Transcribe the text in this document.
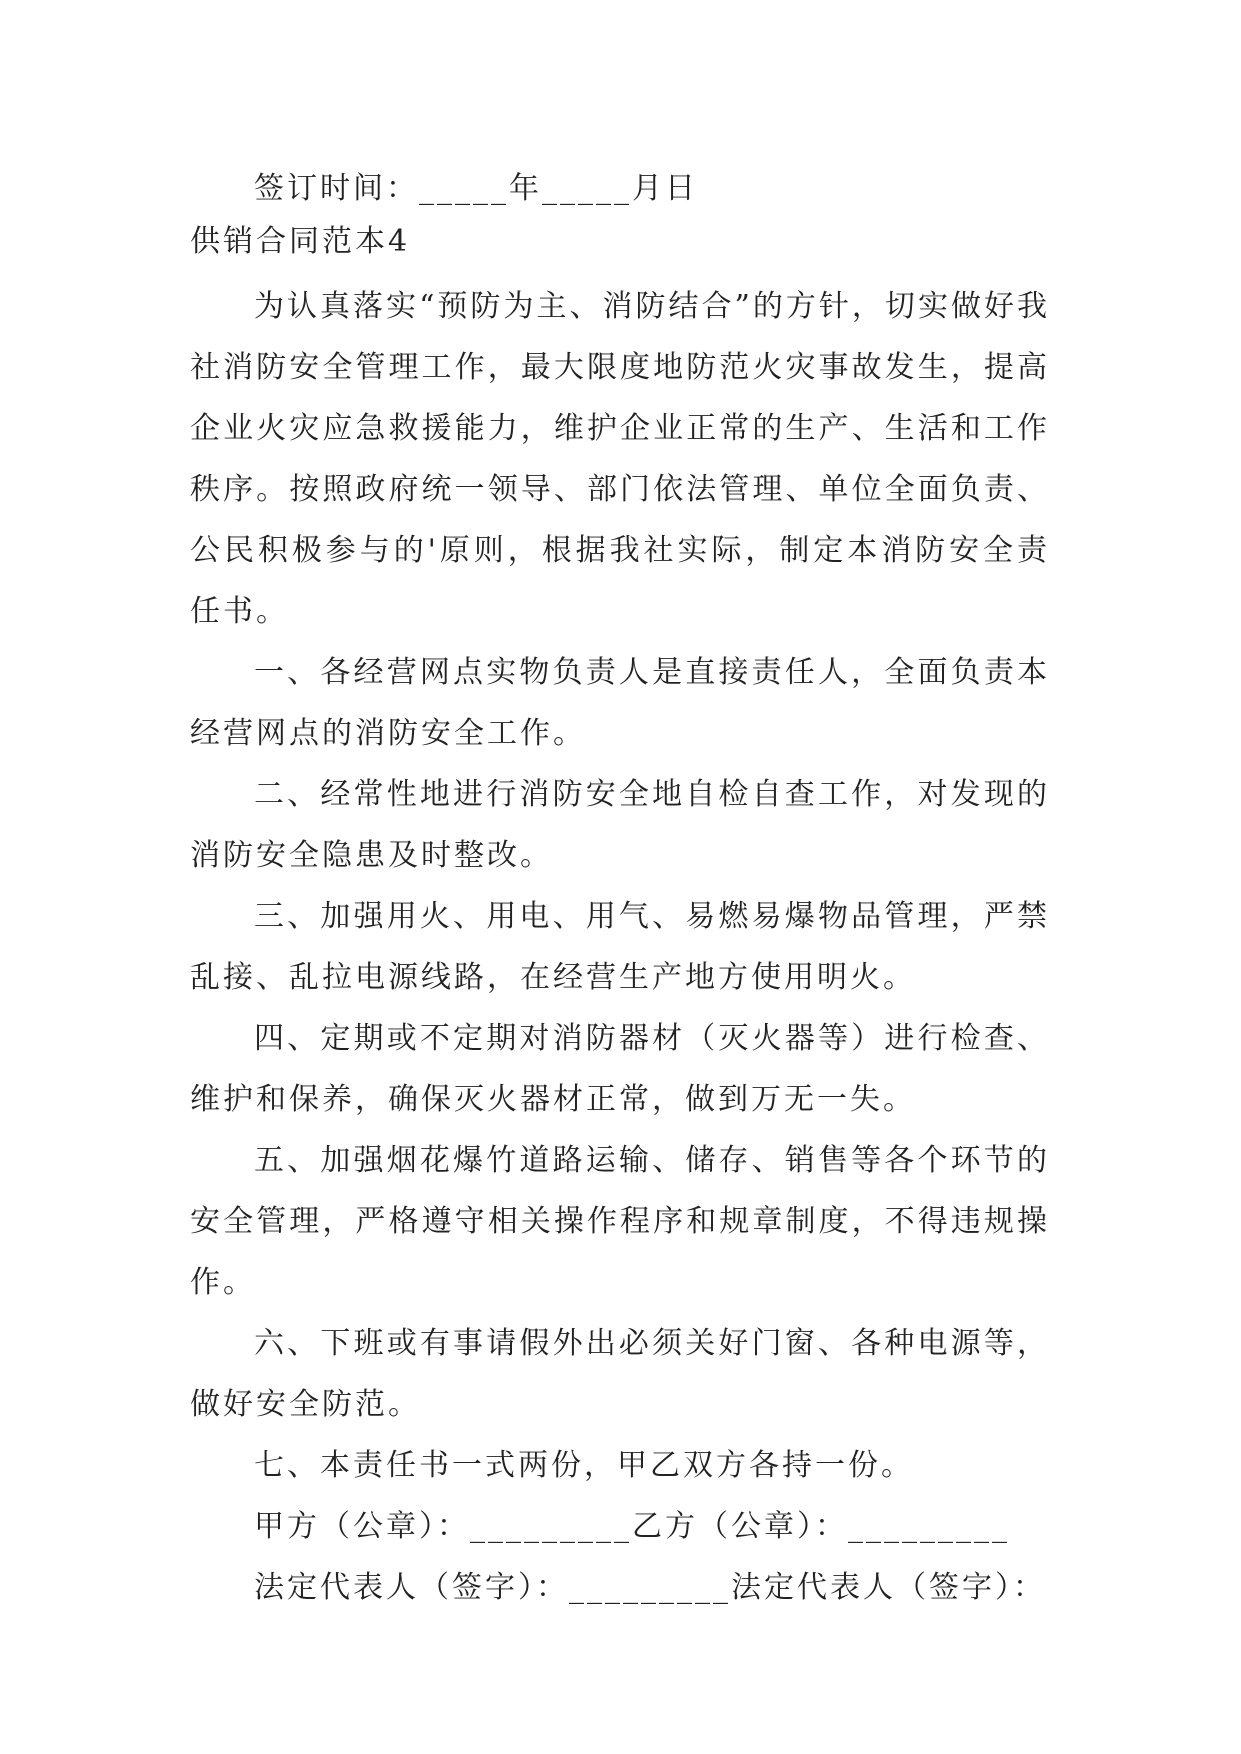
签订时间：_____年_____月日
供销合同范本4
为认真落实“预防为主、消防结合”的方针，切实做好我社消防安全管理工作，最大限度地防范火灾事故发生，提高企业火灾应急救援能力，维护企业正常的生产、生活和工作秩序。按照政府统一领导、部门依法管理、单位全面负责、公民积极参与的'原则，根据我社实际，制定本消防安全责任书。
一、各经营网点实物负责人是直接责任人，全面负责本经营网点的消防安全工作。
二、经常性地进行消防安全地自检自查工作，对发现的消防安全隐患及时整改。
三、加强用火、用电、用气、易燃易爆物品管理，严禁乱接、乱拉电源线路，在经营生产地方使用明火。
四、定期或不定期对消防器材（灭火器等）进行检查、维护和保养，确保灭火器材正常，做到万无一失。
五、加强烟花爆竹道路运输、储存、销售等各个环节的安全管理，严格遵守相关操作程序和规章制度，不得违规操作。
六、下班或有事请假外出必须关好门窗、各种电源等，做好安全防范。
七、本责任书一式两份，甲乙双方各持一份。
甲方（公章）：_________乙方（公章）：_________
法定代表人（签字）：_________法定代表人（签字）：
